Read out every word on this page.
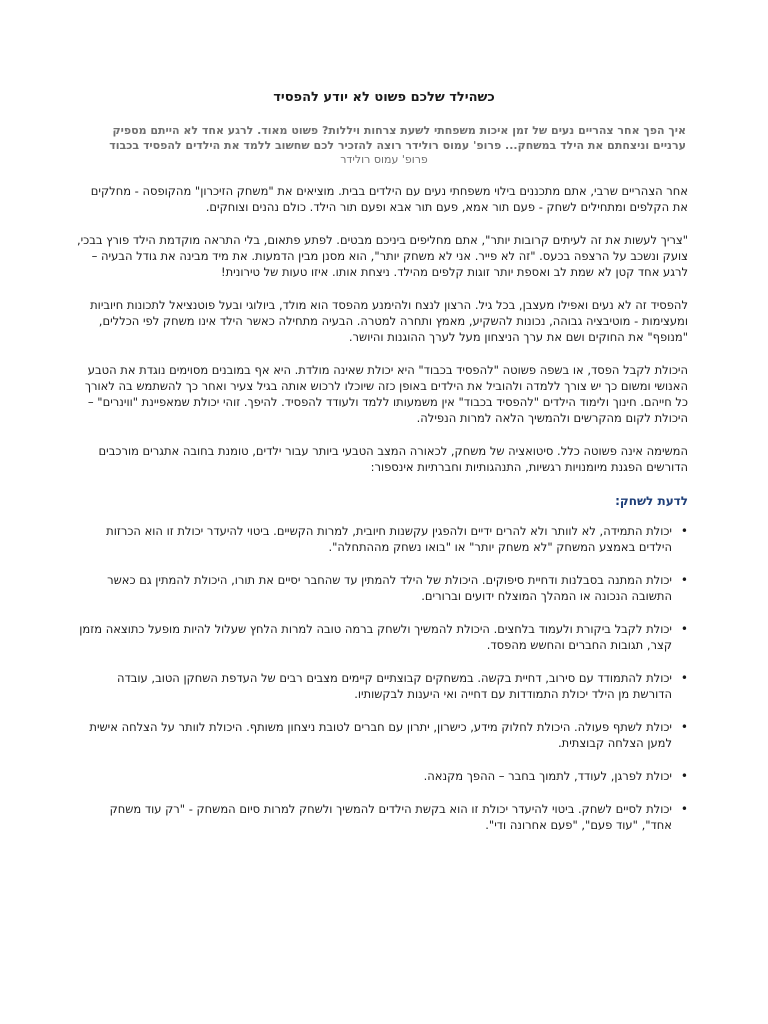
כשהילד שלכם פשוט לא יודע להפסיד
איך הפך אחר צהריים נעים של זמן איכות משפחתי לשעת צרחות ויללות? פשוט מאוד. לרגע אחד לא הייתם מספיק ערניים וניצחתם את הילד במשחק... פרופ' עמוס רולידר רוצה להזכיר לכם שחשוב ללמד את הילדים להפסיד בכבוד
פרופ' עמוס רולידר

אחר הצהריים שרבי, אתם מתכננים בילוי משפחתי נעים עם הילדים בבית. מוציאים את "משחק הזיכרון" מהקופסה - מחלקים את הקלפים ומתחילים לשחק - פעם תור אמא, פעם תור אבא ופעם תור הילד. כולם נהנים וצוחקים.

"צריך לעשות את זה לעיתים קרובות יותר", אתם מחליפים ביניכם מבטים. לפתע פתאום, בלי התראה מוקדמת הילד פורץ בבכי, צועק ונשכב על הרצפה בכעס. "זה לא פייר. אני לא משחק יותר", הוא מסנן מבין הדמעות. את מיד מבינה את גודל הבעיה – לרגע אחד קטן לא שמת לב ואספת יותר זוגות קלפים מהילד. ניצחת אותו. איזו טעות של טירונית!

להפסיד זה לא נעים ואפילו מעצבן, בכל גיל. הרצון לנצח ולהימנע מהפסד הוא מולד, ביולוגי ובעל פוטנציאל לתכונות חיוביות ומעצימות - מוטיבציה גבוהה, נכונות להשקיע, מאמץ ותחרה למטרה. הבעיה מתחילה כאשר הילד אינו משחק לפי הכללים, "מנופף" את החוקים ושם את ערך הניצחון מעל לערך ההוגנות והיושר.

היכולת לקבל הפסד, או בשפה פשוטה "להפסיד בכבוד" היא יכולת שאינה מולדת. היא אף במובנים מסוימים נוגדת את הטבע האנושי ומשום כך יש צורך ללמדה ולהוביל את הילדים באופן כזה שיוכלו לרכוש אותה בגיל צעיר ואחר כך להשתמש בה לאורך כל חייהם. חינוך ולימוד הילדים "להפסיד בכבוד" אין משמעותו ללמד ולעודד להפסיד. להיפך. זוהי יכולת שמאפיינת "ווינרים" – היכולת לקום מהקרשים ולהמשיך הלאה למרות הנפילה.

המשימה אינה פשוטה כלל. סיטואציה של משחק, לכאורה המצב הטבעי ביותר עבור ילדים, טומנת בחובה אתגרים מורכבים הדורשים הפגנת מיומנויות רגשיות, התנהגותיות וחברתיות אינספור:

לדעת לשחק:
•
יכולת התמידה, לא לוותר ולא להרים ידיים ולהפגין עקשנות חיובית, למרות הקשיים. ביטוי להיעדר יכולת זו הוא הכרזות הילדים באמצע המשחק "לא משחק יותר" או "בואו נשחק מההתחלה".
•
יכולת המתנה בסבלנות ודחיית סיפוקים. היכולת של הילד להמתין עד שהחבר יסיים את תורו, היכולת להמתין גם כאשר התשובה הנכונה או המהלך המוצלח ידועים וברורים.
•
יכולת לקבל ביקורת ולעמוד בלחצים. היכולת להמשיך ולשחק ברמה טובה למרות הלחץ שעלול להיות מופעל כתוצאה מזמן קצר, תגובות החברים והחשש מהפסד.
•
יכולת להתמודד עם סירוב, דחיית בקשה. במשחקים קבוצתיים קיימים מצבים רבים של העדפת השחקן הטוב, עובדה הדורשת מן הילד יכולת התמודדות עם דחייה ואי היענות לבקשותיו.
•
יכולת לשתף פעולה. היכולת לחלוק מידע, כישרון, יתרון עם חברים לטובת ניצחון משותף. היכולת לוותר על הצלחה אישית למען הצלחה קבוצתית.
•
יכולת לפרגן, לעודד, לתמוך בחבר – ההפך מקנאה.
•
יכולת לסיים לשחק. ביטוי להיעדר יכולת זו הוא בקשת הילדים להמשיך ולשחק למרות סיום המשחק - "רק עוד משחק אחד", "עוד פעם", "פעם אחרונה ודי".
